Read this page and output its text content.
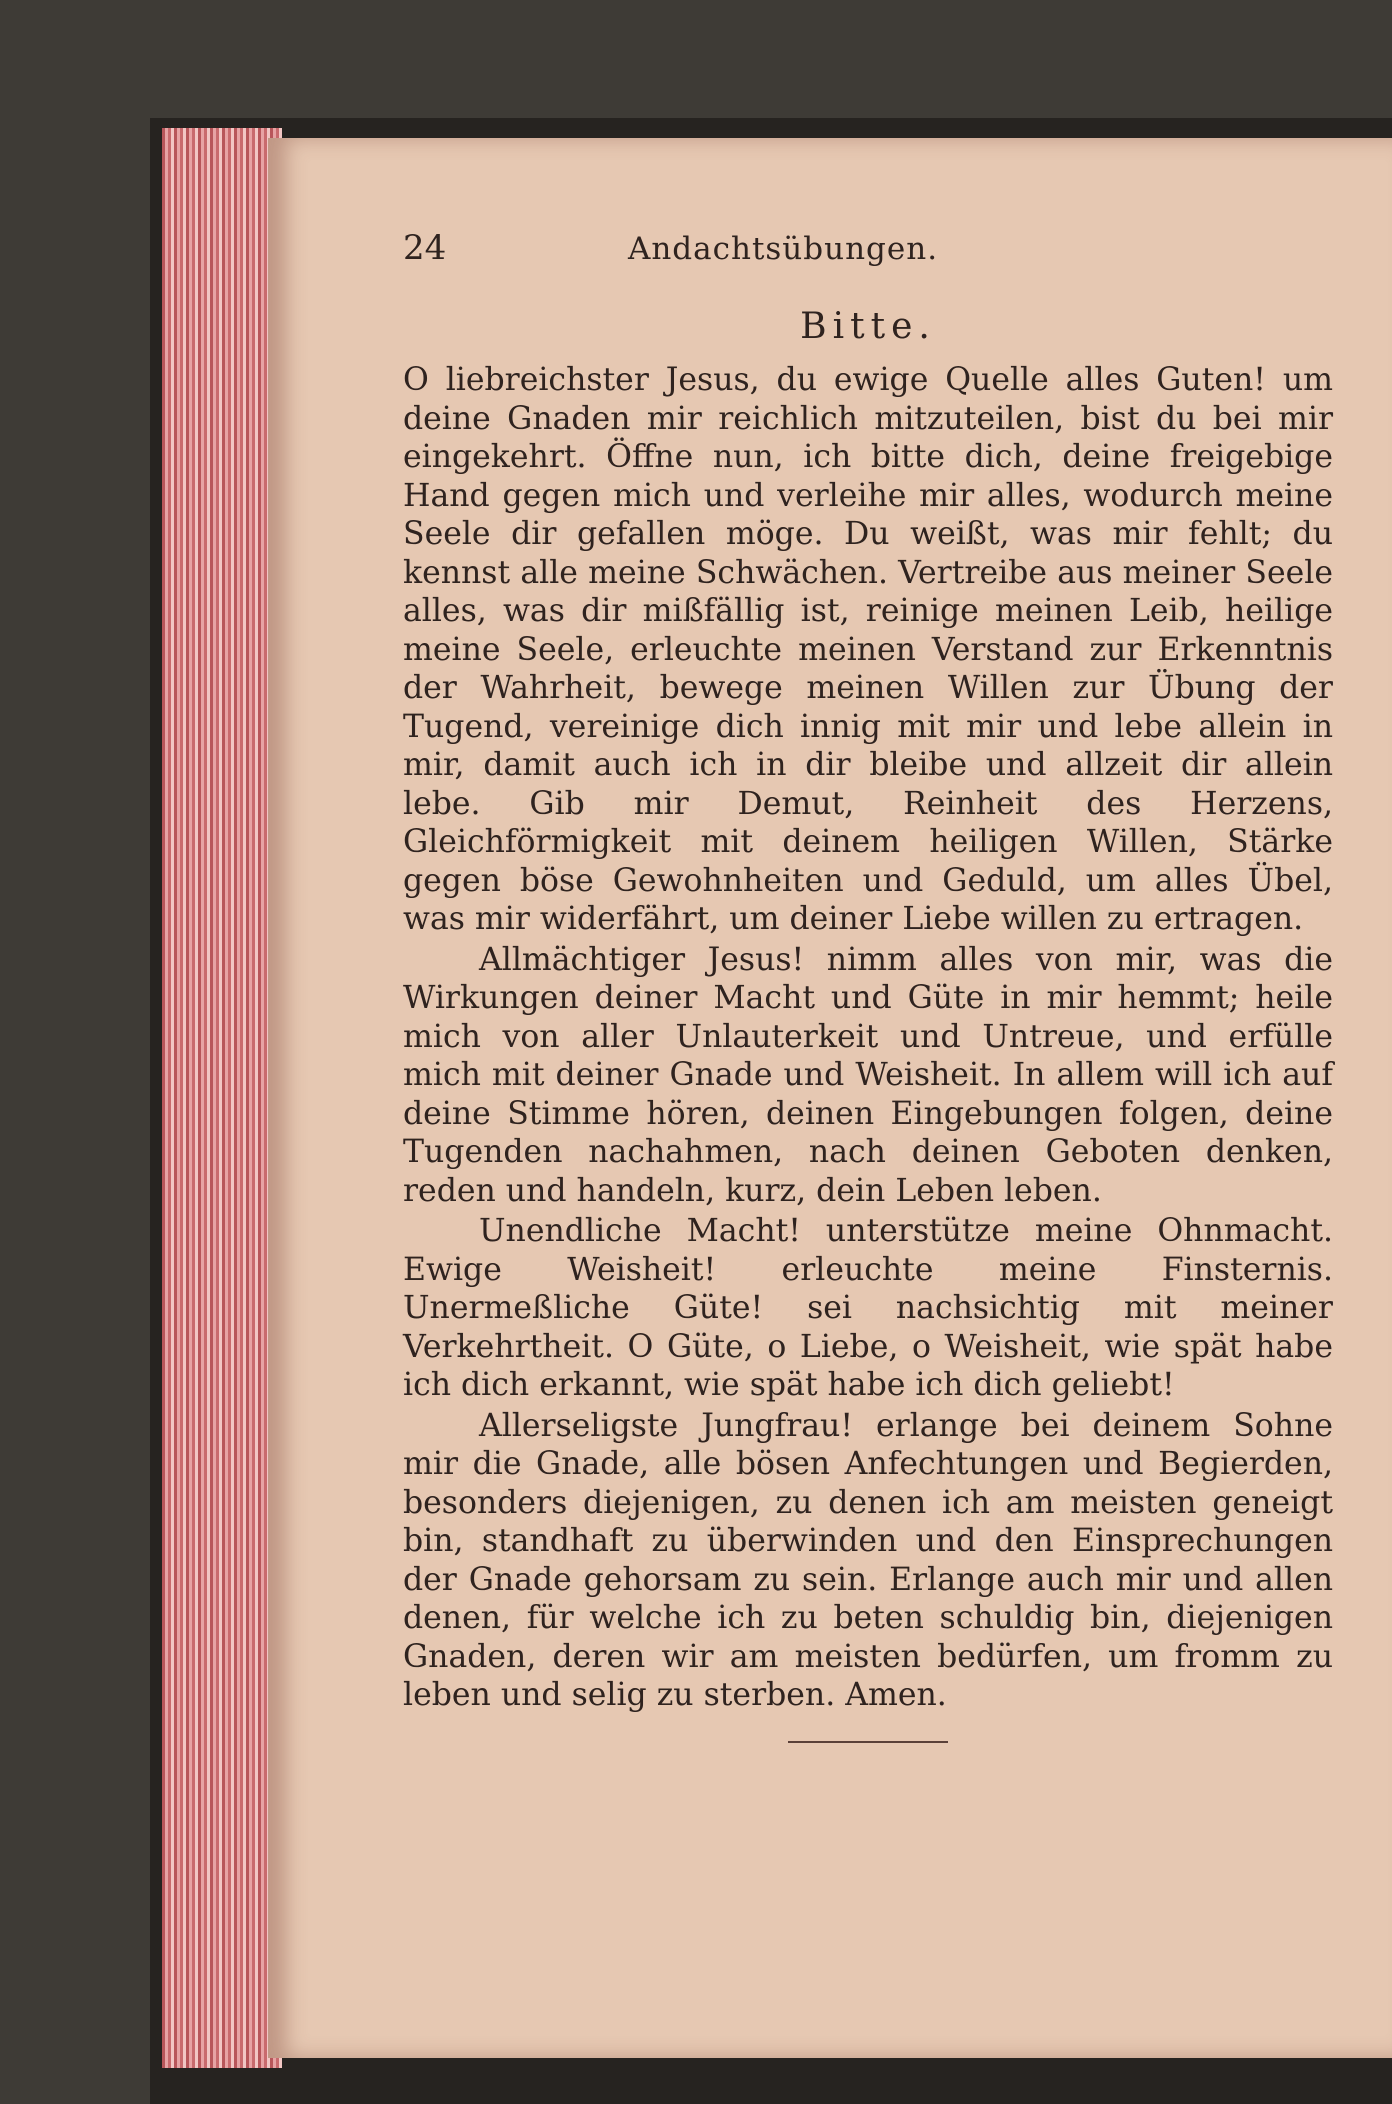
24	Andachtsübungen.
Bitte.

O liebreichster Jesus, du ewige Quelle alles Guten! um deine Gnaden mir reichlich mitzuteilen, bist du bei mir eingekehrt. Öffne nun, ich bitte dich, deine freigebige Hand gegen mich und verleihe mir alles, wodurch meine Seele dir gefallen möge. Du weißt, was mir fehlt; du kennst alle meine Schwächen. Vertreibe aus meiner Seele alles, was dir mißfällig ist, reinige meinen Leib, heilige meine Seele, erleuchte meinen Verstand zur Erkenntnis der Wahrheit, bewege meinen Willen zur Übung der Tugend, vereinige dich innig mit mir und lebe allein in mir, damit auch ich in dir bleibe und allzeit dir allein lebe. Gib mir Demut, Reinheit des Herzens, Gleichförmigkeit mit deinem heiligen Willen, Stärke gegen böse Gewohnheiten und Geduld, um alles Übel, was mir widerfährt, um deiner Liebe willen zu ertragen.

Allmächtiger Jesus! nimm alles von mir, was die Wirkungen deiner Macht und Güte in mir hemmt; heile mich von aller Unlauterkeit und Untreue, und erfülle mich mit deiner Gnade und Weisheit. In allem will ich auf deine Stimme hören, deinen Eingebungen folgen, deine Tugenden nachahmen, nach deinen Geboten denken, reden und handeln, kurz, dein Leben leben.

Unendliche Macht! unterstütze meine Ohnmacht. Ewige Weisheit! erleuchte meine Finsternis. Unermeßliche Güte! sei nachsichtig mit meiner Verkehrtheit. O Güte, o Liebe, o Weisheit, wie spät habe ich dich erkannt, wie spät habe ich dich geliebt!

Allerseligste Jungfrau! erlange bei deinem Sohne mir die Gnade, alle bösen Anfechtungen und Begierden, besonders diejenigen, zu denen ich am meisten geneigt bin, standhaft zu überwinden und den Einsprechungen der Gnade gehorsam zu sein. Erlange auch mir und allen denen, für welche ich zu beten schuldig bin, diejenigen Gnaden, deren wir am meisten bedürfen, um fromm zu leben und selig zu sterben. Amen.
